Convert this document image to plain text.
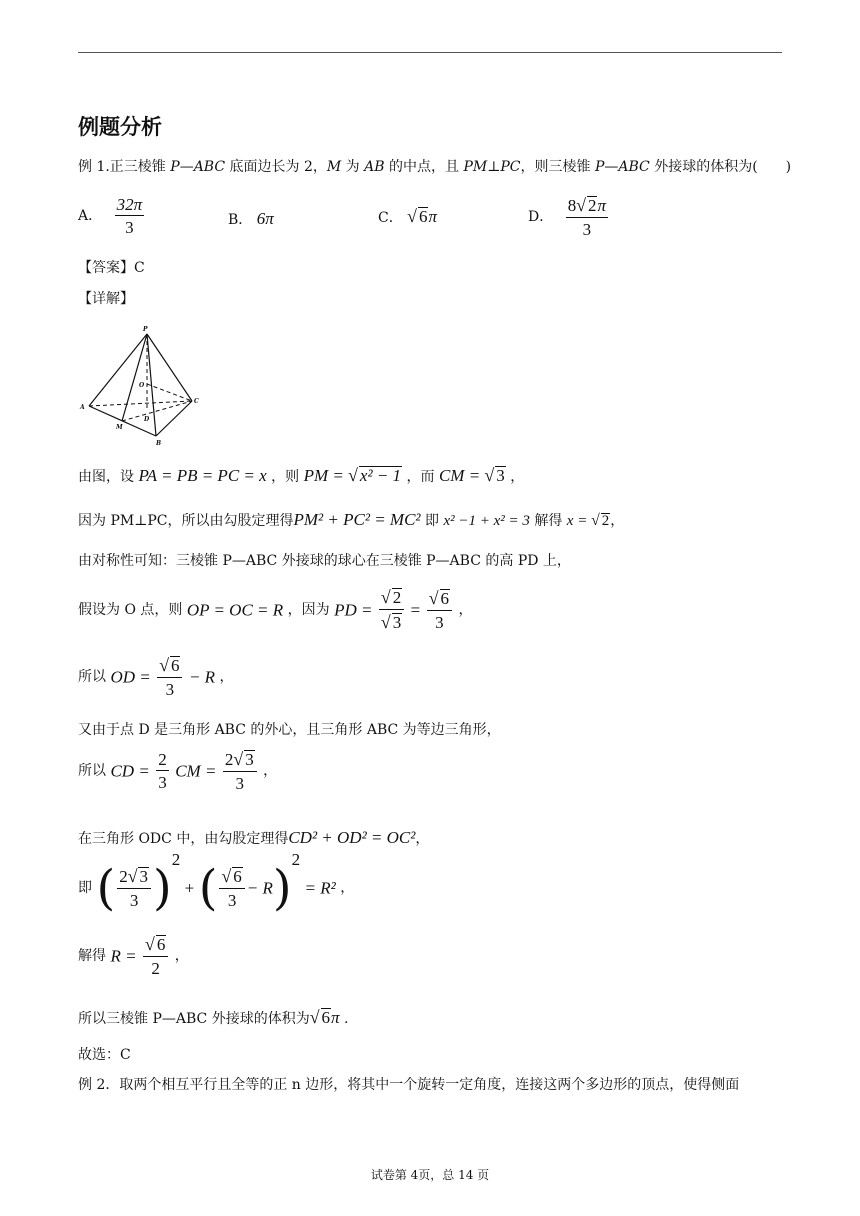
例题分析
例 1.正三棱锥 P—ABC 底面边长为 2，M 为 AB 的中点，且 PM⊥PC，则三棱锥 P—ABC 外接球的体积为(　　)
A． $\frac{32\pi}{3}$	B． 6π	C． √ 6π	D． $\frac{8√ 2\pi}{3}$
【答案】C
【详解】
P
O
A
C
M
D
B
由图，设 PA = PB = PC = x ，则 PM = √ x² − 1 ，而 CM = √ 3 ，
因为 PM⊥PC，所以由勾股定理得PM² + PC² = MC² 即 x² −1 + x² = 3 解得 x = √ 2，
由对称性可知：三棱锥 P—ABC 外接球的球心在三棱锥 P—ABC 的高 PD 上，
假设为 O 点，则 OP = OC = R ，因为 PD = $\frac{√ 2}{√ 3} = \frac{√ 6}{3}$ ，
所以 OD = $\frac{√ 6}{3} - R$ ，
又由于点 D 是三角形 ABC 的外心，且三角形 ABC 为等边三角形，
所以 CD = $\frac{2}{3}$ CM = $\frac{2√ 3}{3}$ ，
在三角形 ODC 中，由勾股定理得CD² + OD² = OC²，
即 ( $\frac{2√ 3}{3} )^2$ + ( $\frac{√ 6}{3} - R)^2 = R^2$ ，
解得 $R = \frac{√ 6}{2}$ ，
所以三棱锥 P—ABC 外接球的体积为√ 6π .
故选：C
例 2．取两个相互平行且全等的正 n 边形，将其中一个旋转一定角度，连接这两个多边形的顶点，使得侧面
试卷第 4页，总 14 页
